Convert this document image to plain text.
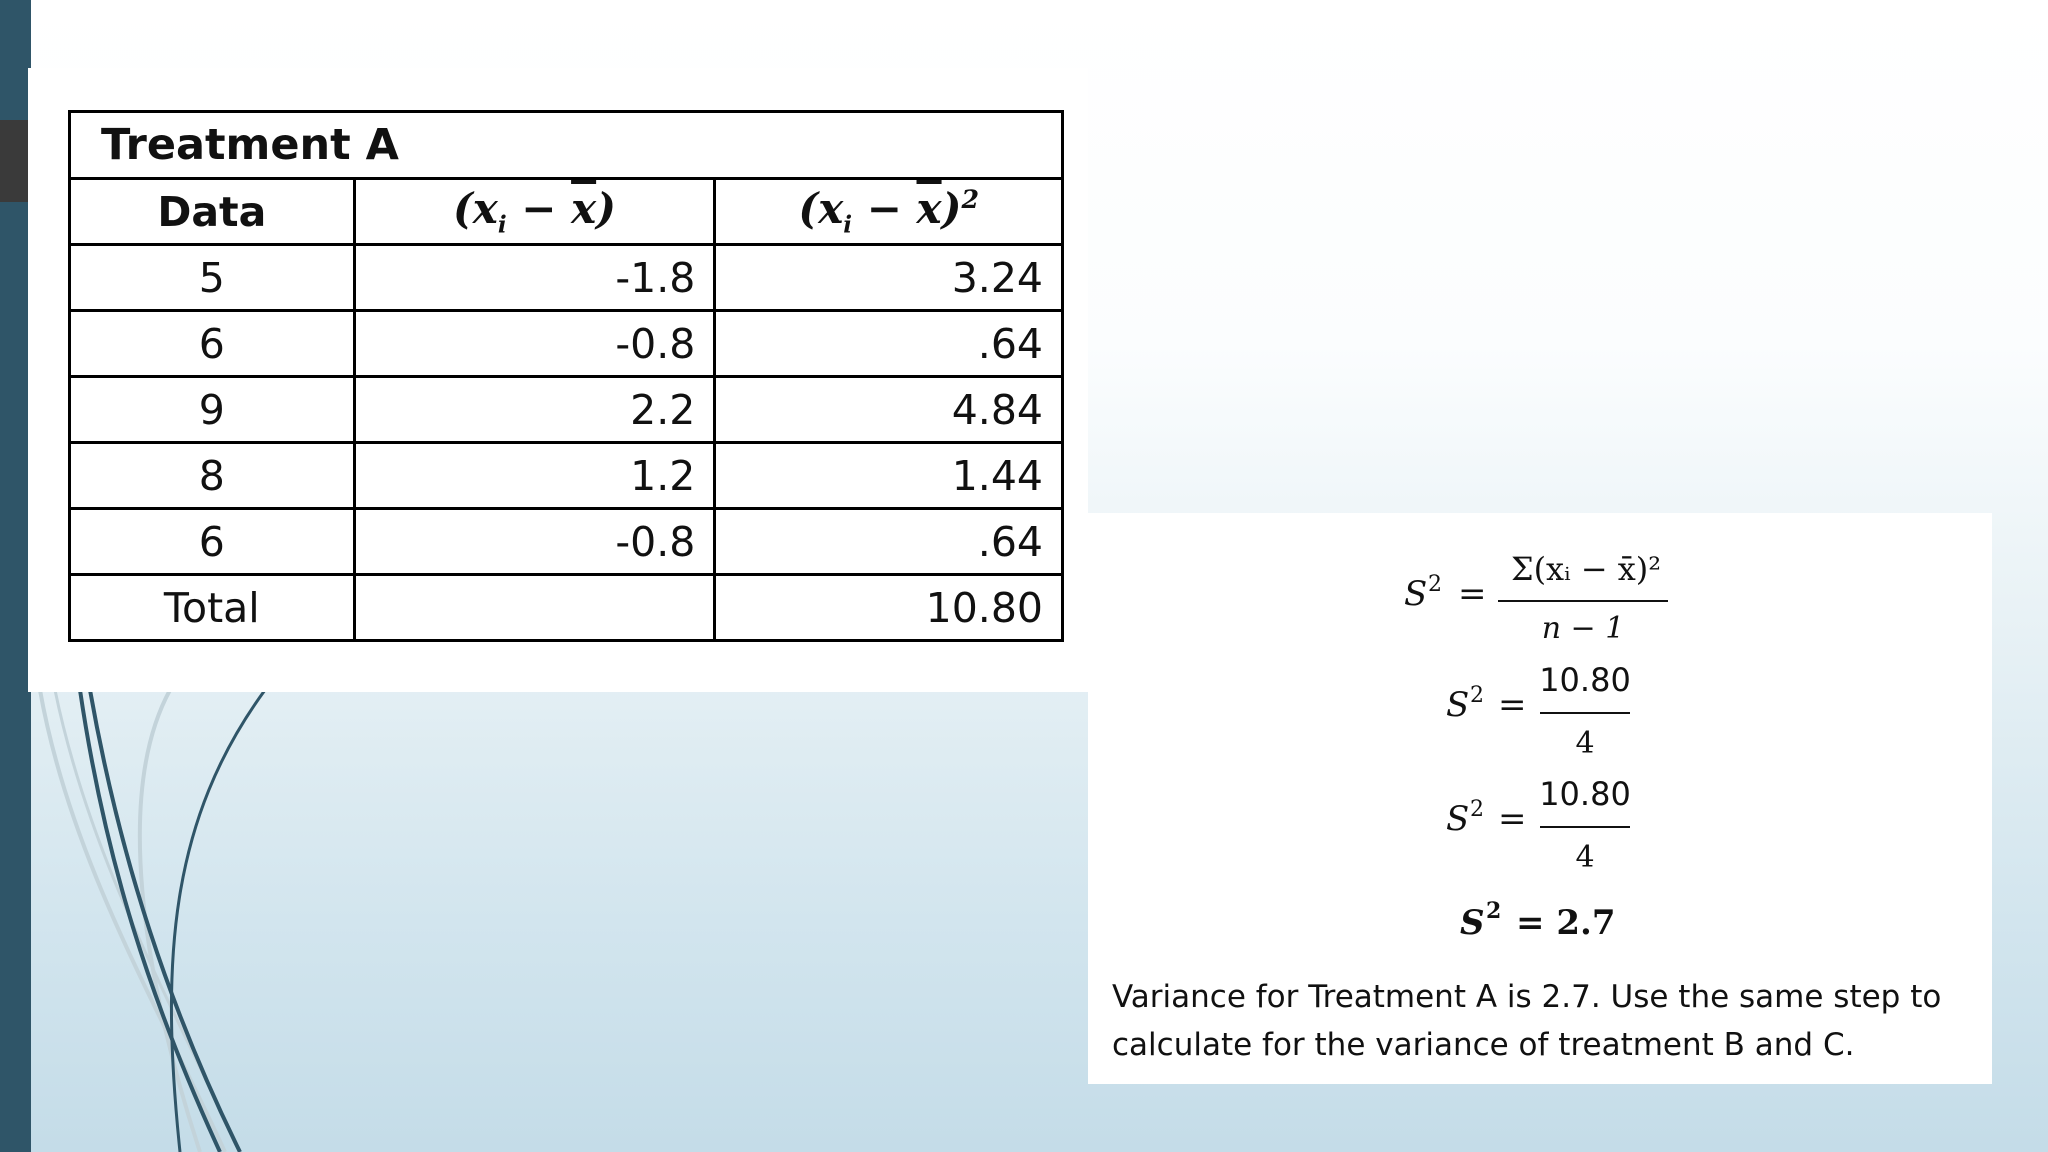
Treatment A		
Data	$(x_i - \overline{x})$	$(x_i - \overline{x})^2$
5	-1.8	3.24
6	-0.8	.64
9	2.2	4.84
8	1.2	1.44
6	-0.8	.64
Total		10.80	S 2 =
Σ(xᵢ − x̄)²
n − 1
S 2 =
10.80
4
S 2 =
10.80
4
S 2 = 2.7
Variance for Treatment A is 2.7. Use the same step to calculate for the variance of treatment B and C.
